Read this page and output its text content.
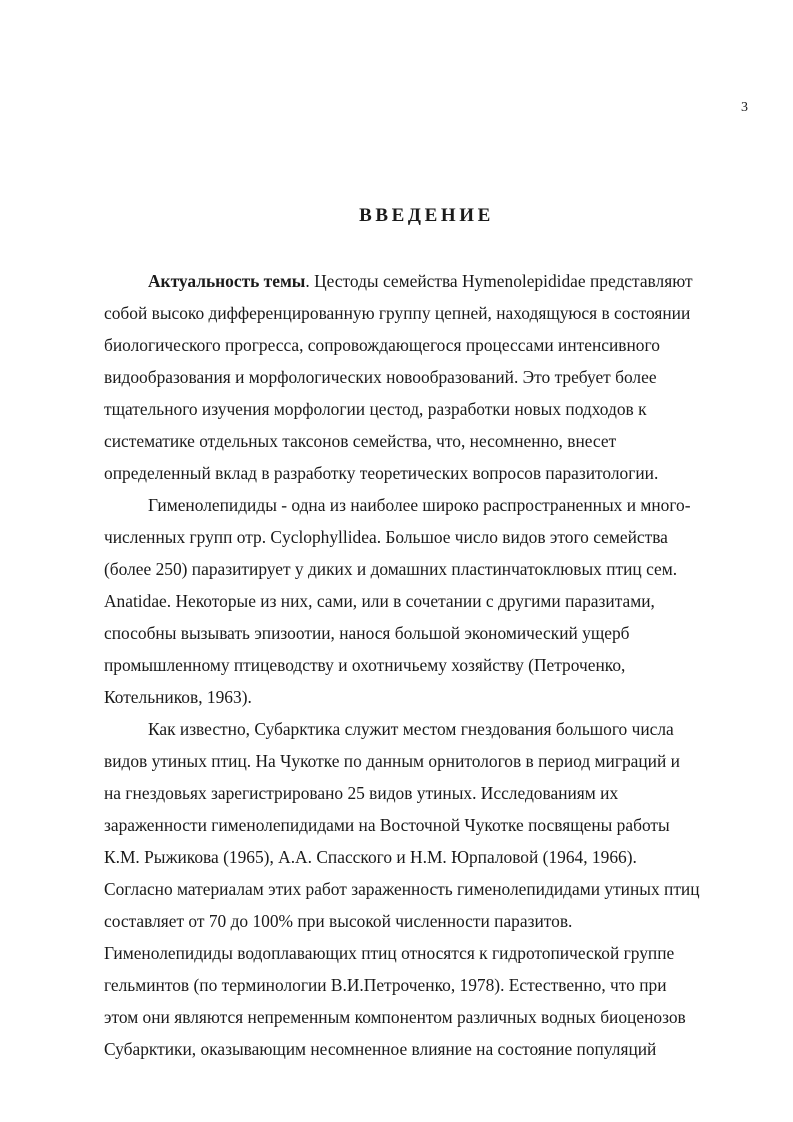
3
ВВЕДЕНИЕ
Актуальность темы. Цестоды семейства Hymenolepididae представляют
собой высоко дифференцированную группу цепней, находящуюся в состоянии
биологического прогресса, сопровождающегося процессами интенсивного
видообразования и морфологических новообразований. Это требует более
тщательного изучения морфологии цестод, разработки новых подходов к
систематике отдельных таксонов семейства, что, несомненно, внесет
определенный вклад в разработку теоретических вопросов паразитологии.
Гименолепидиды - одна из наиболее широко распространенных и много-
численных групп отр. Cyclophyllidea. Большое число видов этого семейства
(более 250) паразитирует у диких и домашних пластинчатоклювых птиц сем.
Anatidae. Некоторые из них, сами, или в сочетании с другими паразитами,
способны вызывать эпизоотии, нанося большой экономический ущерб
промышленному птицеводству и охотничьему хозяйству (Петроченко,
Котельников, 1963).
Как известно, Субарктика служит местом гнездования большого числа
видов утиных птиц. На Чукотке по данным орнитологов в период миграций и
на гнездовьях зарегистрировано 25 видов утиных. Исследованиям их
зараженности гименолепидидами на Восточной Чукотке посвящены работы
К.М. Рыжикова (1965), А.А. Спасского и Н.М. Юрпаловой (1964, 1966).
Согласно материалам этих работ зараженность гименолепидидами утиных птиц
составляет от 70 до 100% при высокой численности паразитов.
Гименолепидиды водоплавающих птиц относятся к гидротопической группе
гельминтов (по терминологии В.И.Петроченко, 1978). Естественно, что при
этом они являются непременным компонентом различных водных биоценозов
Субарктики, оказывающим несомненное влияние на состояние популяций
